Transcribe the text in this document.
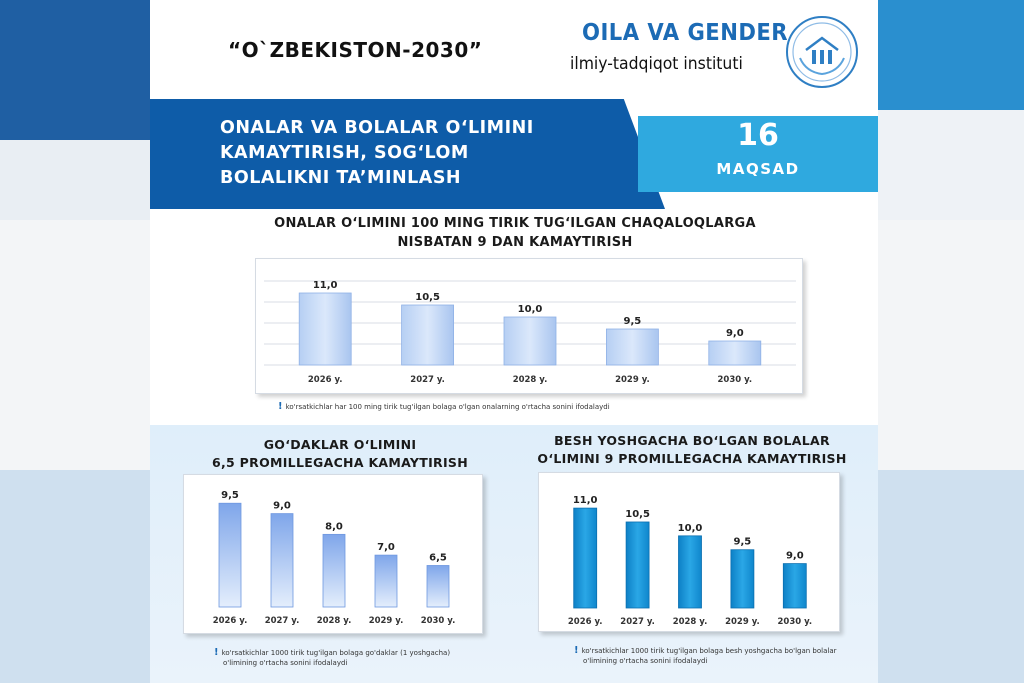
“O`ZBEKISTON-2030”
OILA VA GENDER
ilmiy-tadqiqot instituti
ONALAR VA BOLALAR O‘LIMINI
KAMAYTIRISH, SOG‘LOM
BOLALIKNI TA’MINLASH
16
MAQSAD
ONALAR O‘LIMINI 100 MING TIRIK TUG‘ILGAN CHAQALOQLARGA
NISBATAN 9 DAN KAMAYTIRISH
11,0
2026 y.
10,5
2027 y.
10,0
2028 y.
9,5
2029 y.
9,0
2030 y.
! ko'rsatkichlar har 100 ming tirik tug'ilgan bolaga o'lgan onalarning o'rtacha sonini ifodalaydi
GO‘DAKLAR O‘LIMINI
6,5 PROMILLEGACHA KAMAYTIRISH
BESH YOSHGACHA BO‘LGAN BOLALAR
O‘LIMINI 9 PROMILLEGACHA KAMAYTIRISH
9,5
2026 y.
9,0
2027 y.
8,0
2028 y.
7,0
2029 y.
6,5
2030 y.
11,0
2026 y.
10,5
2027 y.
10,0
2028 y.
9,5
2029 y.
9,0
2030 y.
! ko'rsatkichlar 1000 tirik tug'ilgan bolaga go'daklar (1 yoshgacha)
o'limining o'rtacha sonini ifodalaydi
! ko'rsatkichlar 1000 tirik tug'ilgan bolaga besh yoshgacha bo'lgan bolalar
o'limining o'rtacha sonini ifodalaydi
